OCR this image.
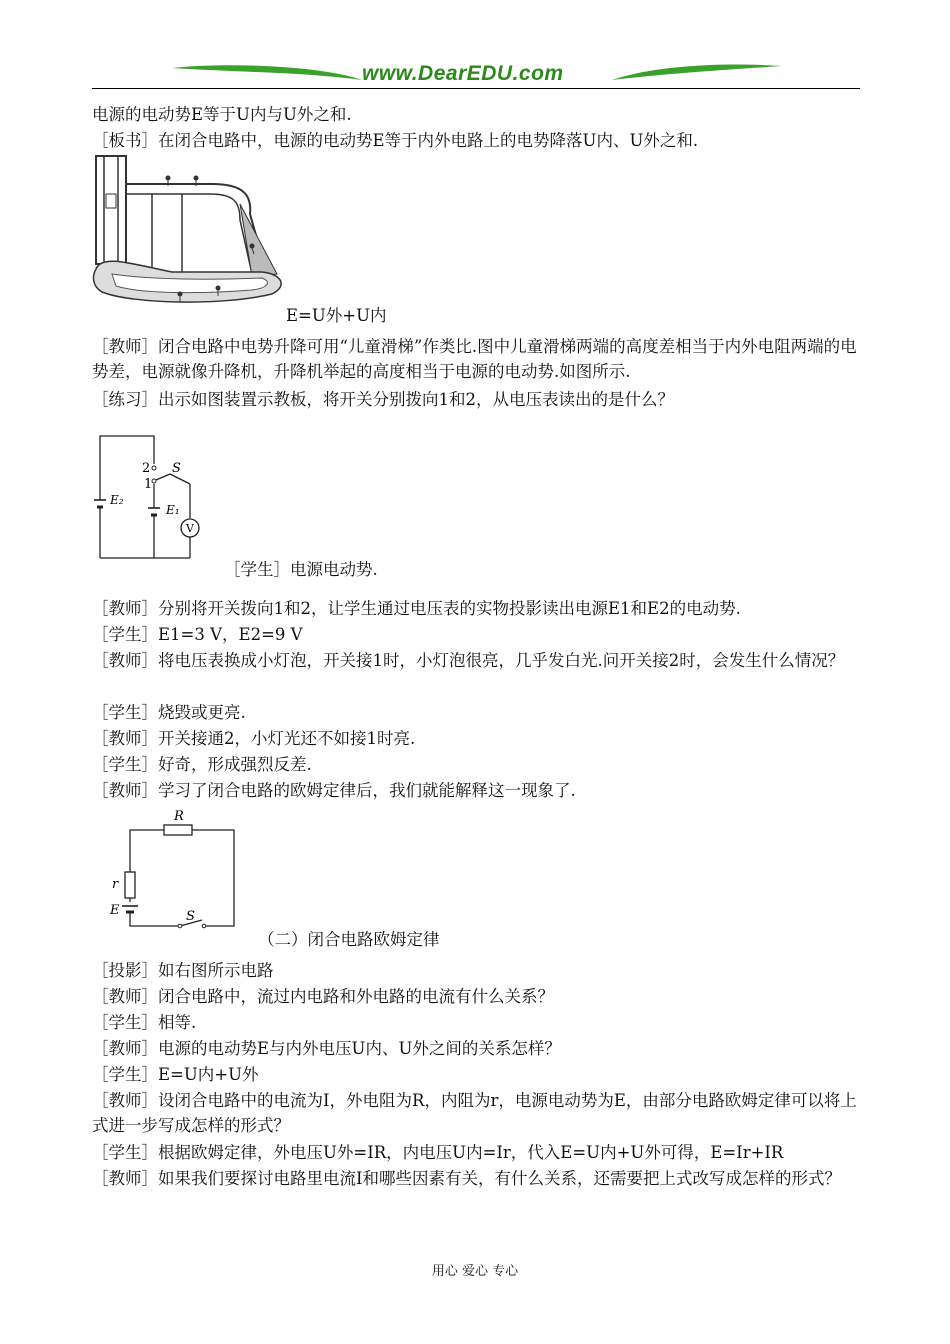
www.DearEDU.com
电源的电动势E等于U内与U外之和.
［板书］在闭合电路中，电源的电动势E等于内外电路上的电势降落U内、U外之和.
E=U外+U内
［教师］闭合电路中电势升降可用“儿童滑梯”作类比.图中儿童滑梯两端的高度差相当于内外电阻两端的电势差，电源就像升降机，升降机举起的高度相当于电源的电动势.如图所示.
［练习］出示如图装置示教板，将开关分别拨向1和2，从电压表读出的是什么？
2
1
S
E₂
E₁
V
［学生］电源电动势.
［教师］分别将开关拨向1和2，让学生通过电压表的实物投影读出电源E1和E2的电动势.
［学生］E1=3 V，E2=9 V
［教师］将电压表换成小灯泡，开关接1时，小灯泡很亮，几乎发白光.问开关接2时，会发生什么情况？
［学生］烧毁或更亮.
［教师］开关接通2，小灯光还不如接1时亮.
［学生］好奇，形成强烈反差.
［教师］学习了闭合电路的欧姆定律后，我们就能解释这一现象了.
R
r
E	S
（二）闭合电路欧姆定律
［投影］如右图所示电路
［教师］闭合电路中，流过内电路和外电路的电流有什么关系？
［学生］相等.
［教师］电源的电动势E与内外电压U内、U外之间的关系怎样？
［学生］E=U内+U外
［教师］设闭合电路中的电流为I，外电阻为R，内阻为r，电源电动势为E，由部分电路欧姆定律可以将上式进一步写成怎样的形式？
［学生］根据欧姆定律，外电压U外=IR，内电压U内=Ir，代入E=U内+U外可得，E=Ir+IR
［教师］如果我们要探讨电路里电流I和哪些因素有关，有什么关系，还需要把上式改写成怎样的形式？
用心 爱心 专心
